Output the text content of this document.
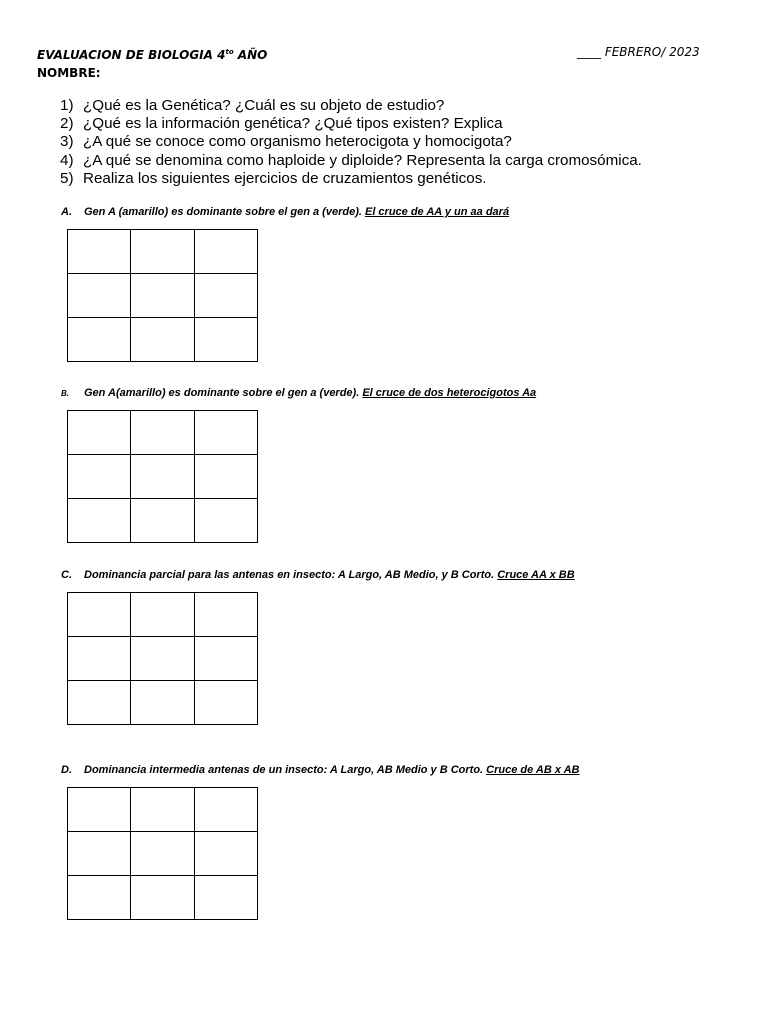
EVALUACION DE BIOLOGIA $4^{to}$ AÑO
NOMBRE:
____ FEBRERO/ 2023
1) ¿Qué es la Genética? ¿Cuál es su objeto de estudio?
2) ¿Qué es la información genética? ¿Qué tipos existen? Explica
3) ¿A qué se conoce como organismo heterocigota y homocigota?
4) ¿A qué se denomina como haploide y diploide? Representa la carga cromosómica.
5) Realiza los siguientes ejercicios de cruzamientos genéticos.
A. Gen A (amarillo) es dominante sobre el gen a (verde). El cruce de AA y un aa dará
B. Gen A(amarillo) es dominante sobre el gen a (verde). El cruce de dos heterocigotos Aa
C. Dominancia parcial para las antenas en insecto: A Largo, AB Medio, y B Corto. Cruce AA x BB
D. Dominancia intermedia antenas de un insecto: A Largo, AB Medio y B Corto. Cruce de AB x AB
